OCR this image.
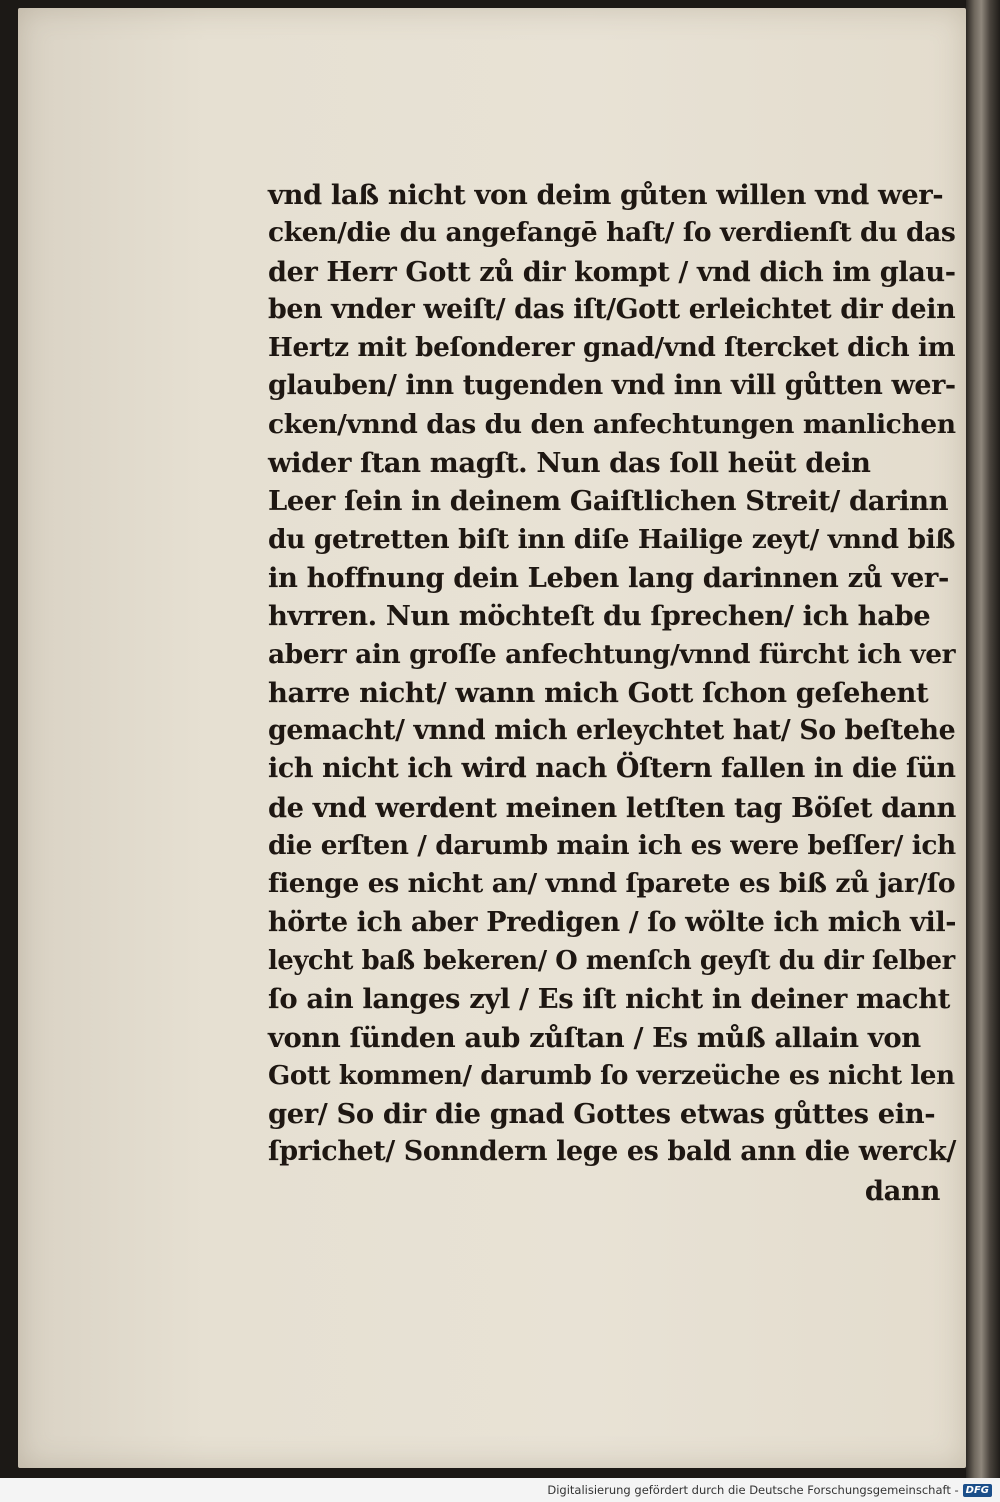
vnd laß nicht von deim gůten willen vnd wer-
cken/die du angefangē haſt/ ſo verdienſt du das
der Herr Gott zů dir kompt / vnd dich im glau-
ben vnder weiſt/ das iſt/Gott erleichtet dir dein
Hertz mit beſonderer gnad/vnd ſtercket dich im
glauben/ inn tugenden vnd inn vill gůtten wer-
cken/vnnd das du den anfechtungen manlichen
wider ſtan magſt. Nun das ſoll heüt dein
Leer ſein in deinem Gaiſtlichen Streit/ darinn
du getretten biſt inn diſe Hailige zeyt/ vnnd biß
in hoffnung dein Leben lang darinnen zů ver-
hvrren. Nun möchteſt du ſprechen/ ich habe
aberr ain groſſe anfechtung/vnnd fürcht ich ver
harre nicht/ wann mich Gott ſchon geſehent
gemacht/ vnnd mich erleychtet hat/ So beſtehe
ich nicht ich wird nach Öſtern fallen in die ſün
de vnd werdent meinen letſten tag Böſet dann
die erſten / darumb main ich es were beſſer/ ich
fienge es nicht an/ vnnd ſparete es biß zů jar/ſo
hörte ich aber Predigen / ſo wölte ich mich vil-
leycht baß bekeren/ O menſch geyſt du dir ſelber
ſo ain langes zyl / Es iſt nicht in deiner macht
vonn ſünden aub zůſtan / Es můß allain von
Gott kommen/ darumb ſo verzeüche es nicht len
ger/ So dir die gnad Gottes etwas gůttes ein-
ſprichet/ Sonndern lege es bald ann die werck/
dann
Digitalisierung gefördert durch die Deutsche Forschungsgemeinschaft - DFG
